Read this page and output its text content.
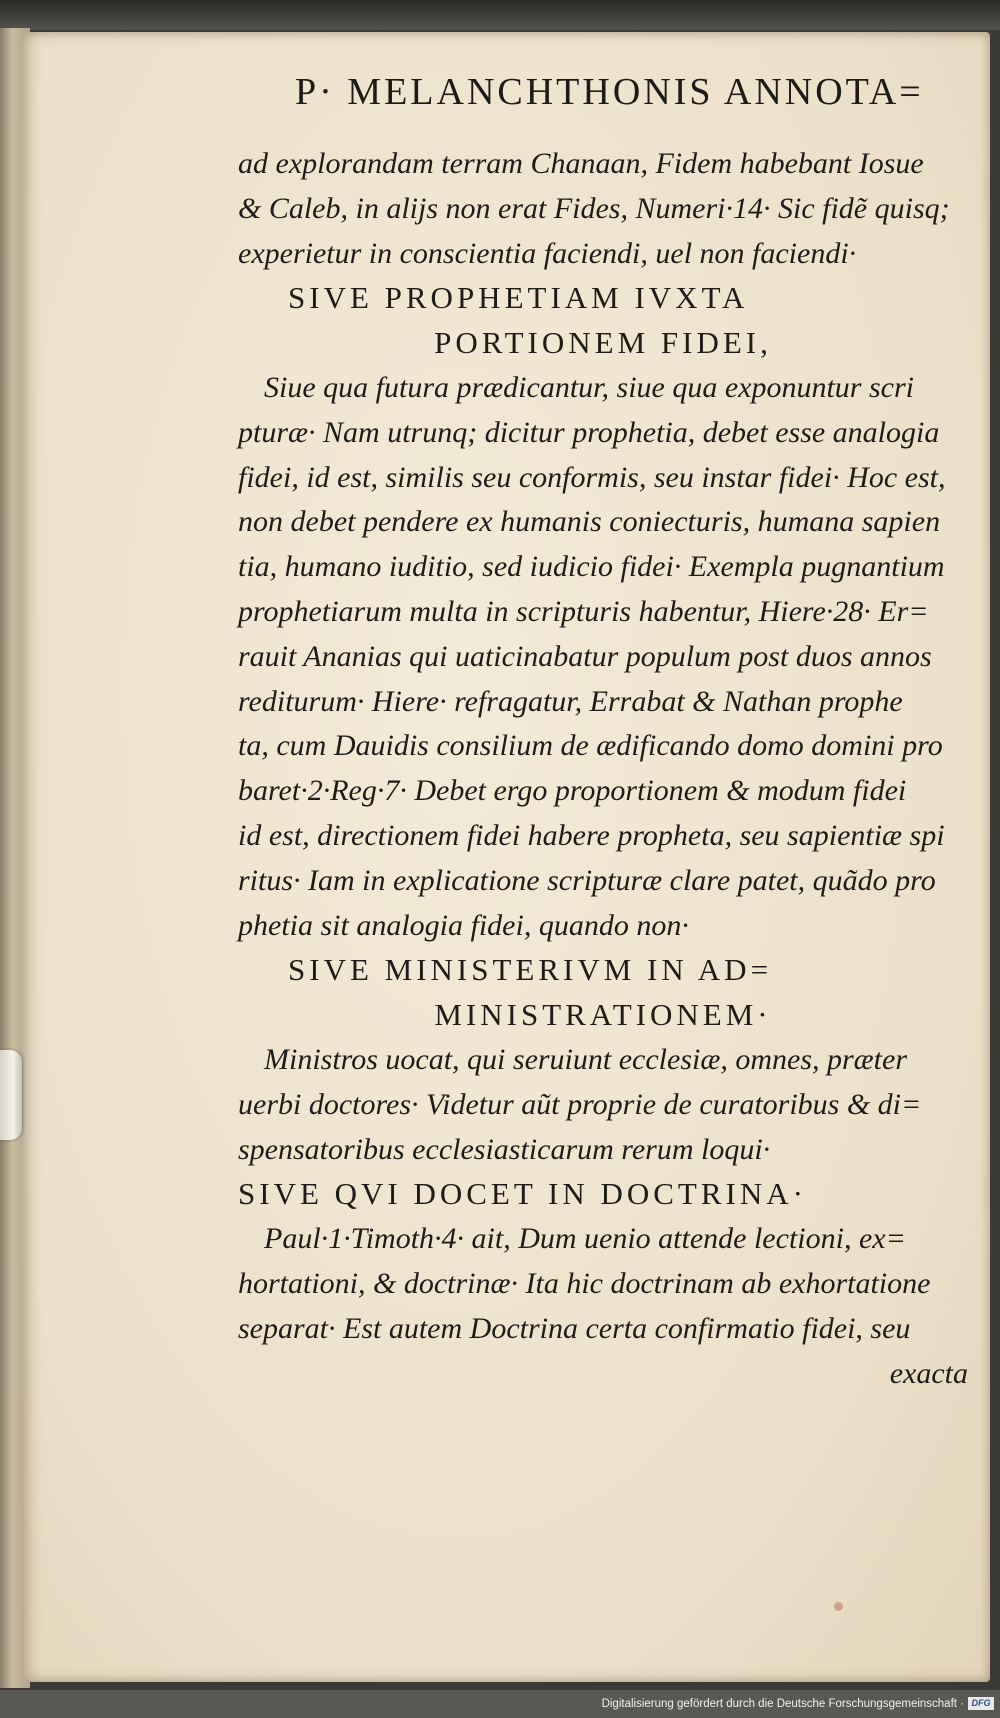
P· MELANCHTHONIS ANNOTA=
ad explorandam terram Chanaan, Fidem habebant Iosue
& Caleb, in alijs non erat Fides, Numeri·14· Sic fidẽ quisq;
experietur in conscientia faciendi, uel non faciendi·
SIVE PROPHETIAM IVXTA
PORTIONEM FIDEI,
Siue qua futura prædicantur, siue qua exponuntur scri
pturæ· Nam utrunq; dicitur prophetia, debet esse analogia
fidei, id est, similis seu conformis, seu instar fidei· Hoc est,
non debet pendere ex humanis coniecturis, humana sapien
tia, humano iuditio, sed iudicio fidei· Exempla pugnantium
prophetiarum multa in scripturis habentur, Hiere·28· Er=
rauit Ananias qui uaticinabatur populum post duos annos
rediturum· Hiere· refragatur, Errabat & Nathan prophe
ta, cum Dauidis consilium de ædificando domo domini pro
baret·2·Reg·7· Debet ergo proportionem & modum fidei
id est, directionem fidei habere propheta, seu sapientiæ spi
ritus· Iam in explicatione scripturæ clare patet, quãdo pro
phetia sit analogia fidei, quando non·
SIVE MINISTERIVM IN AD=
MINISTRATIONEM·
Ministros uocat, qui seruiunt ecclesiæ, omnes, præter
uerbi doctores· Videtur aũt proprie de curatoribus & di=
spensatoribus ecclesiasticarum rerum loqui·
SIVE QVI DOCET IN DOCTRINA·
Paul·1·Timoth·4· ait, Dum uenio attende lectioni, ex=
hortationi, & doctrinæ· Ita hic doctrinam ab exhortatione
separat· Est autem Doctrina certa confirmatio fidei, seu
exacta
Digitalisierung gefördert durch die Deutsche Forschungsgemeinschaft · DFG
